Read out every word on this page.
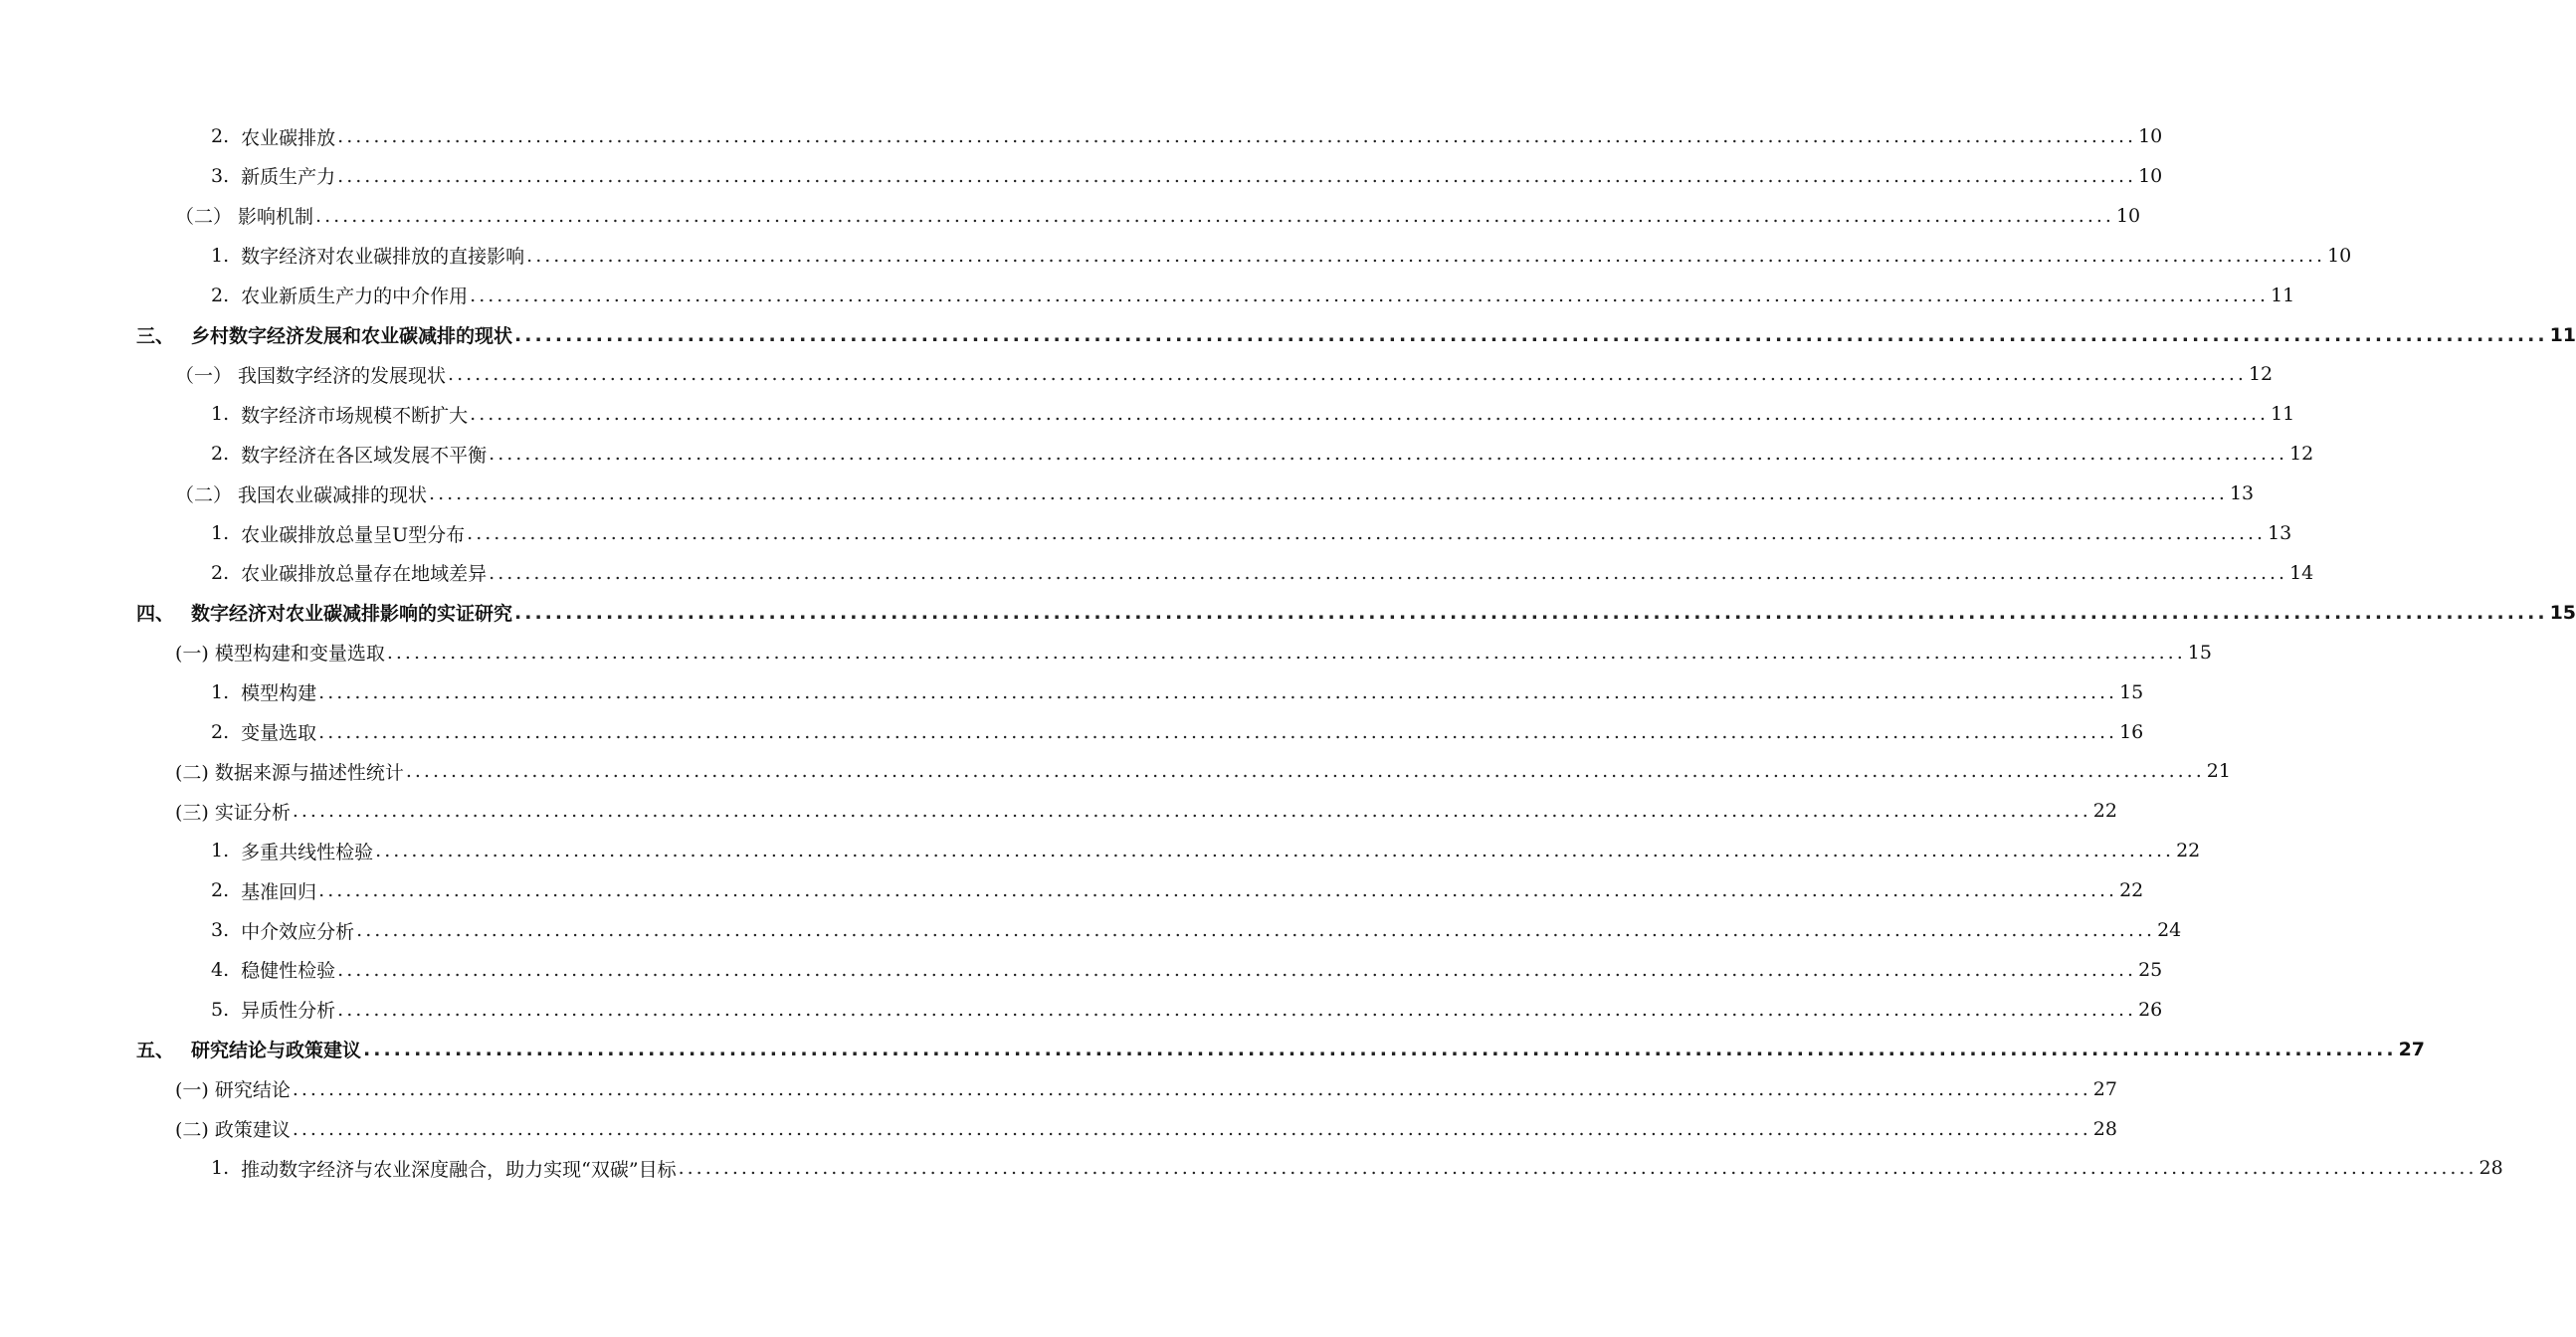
2. 农业碳排放 ........................................................................................................................................................................................................ 10
3. 新质生产力 ........................................................................................................................................................................................................ 10
（二） 影响机制 ........................................................................................................................................................................................................ 10
1. 数字经济对农业碳排放的直接影响 ........................................................................................................................................................................................................ 10
2. 农业新质生产力的中介作用 ........................................................................................................................................................................................................ 11
三、 乡村数字经济发展和农业碳减排的现状 ........................................................................................................................................................................................................ 11
（一） 我国数字经济的发展现状 ........................................................................................................................................................................................................ 12
1. 数字经济市场规模不断扩大 ........................................................................................................................................................................................................ 11
2. 数字经济在各区域发展不平衡 ........................................................................................................................................................................................................ 12
（二） 我国农业碳减排的现状 ........................................................................................................................................................................................................ 13
1. 农业碳排放总量呈U型分布 ........................................................................................................................................................................................................ 13
2. 农业碳排放总量存在地域差异 ........................................................................................................................................................................................................ 14
四、 数字经济对农业碳减排影响的实证研究 ........................................................................................................................................................................................................ 15
(一) 模型构建和变量选取 ........................................................................................................................................................................................................ 15
1. 模型构建 ........................................................................................................................................................................................................ 15
2. 变量选取 ........................................................................................................................................................................................................ 16
(二) 数据来源与描述性统计 ........................................................................................................................................................................................................ 21
(三) 实证分析 ........................................................................................................................................................................................................ 22
1. 多重共线性检验 ........................................................................................................................................................................................................ 22
2. 基准回归 ........................................................................................................................................................................................................ 22
3. 中介效应分析 ........................................................................................................................................................................................................ 24
4. 稳健性检验 ........................................................................................................................................................................................................ 25
5. 异质性分析 ........................................................................................................................................................................................................ 26
五、 研究结论与政策建议 ........................................................................................................................................................................................................ 27
(一) 研究结论 ........................................................................................................................................................................................................ 27
(二) 政策建议 ........................................................................................................................................................................................................ 28
1. 推动数字经济与农业深度融合，助力实现“双碳”目标 ........................................................................................................................................................................................................ 28
